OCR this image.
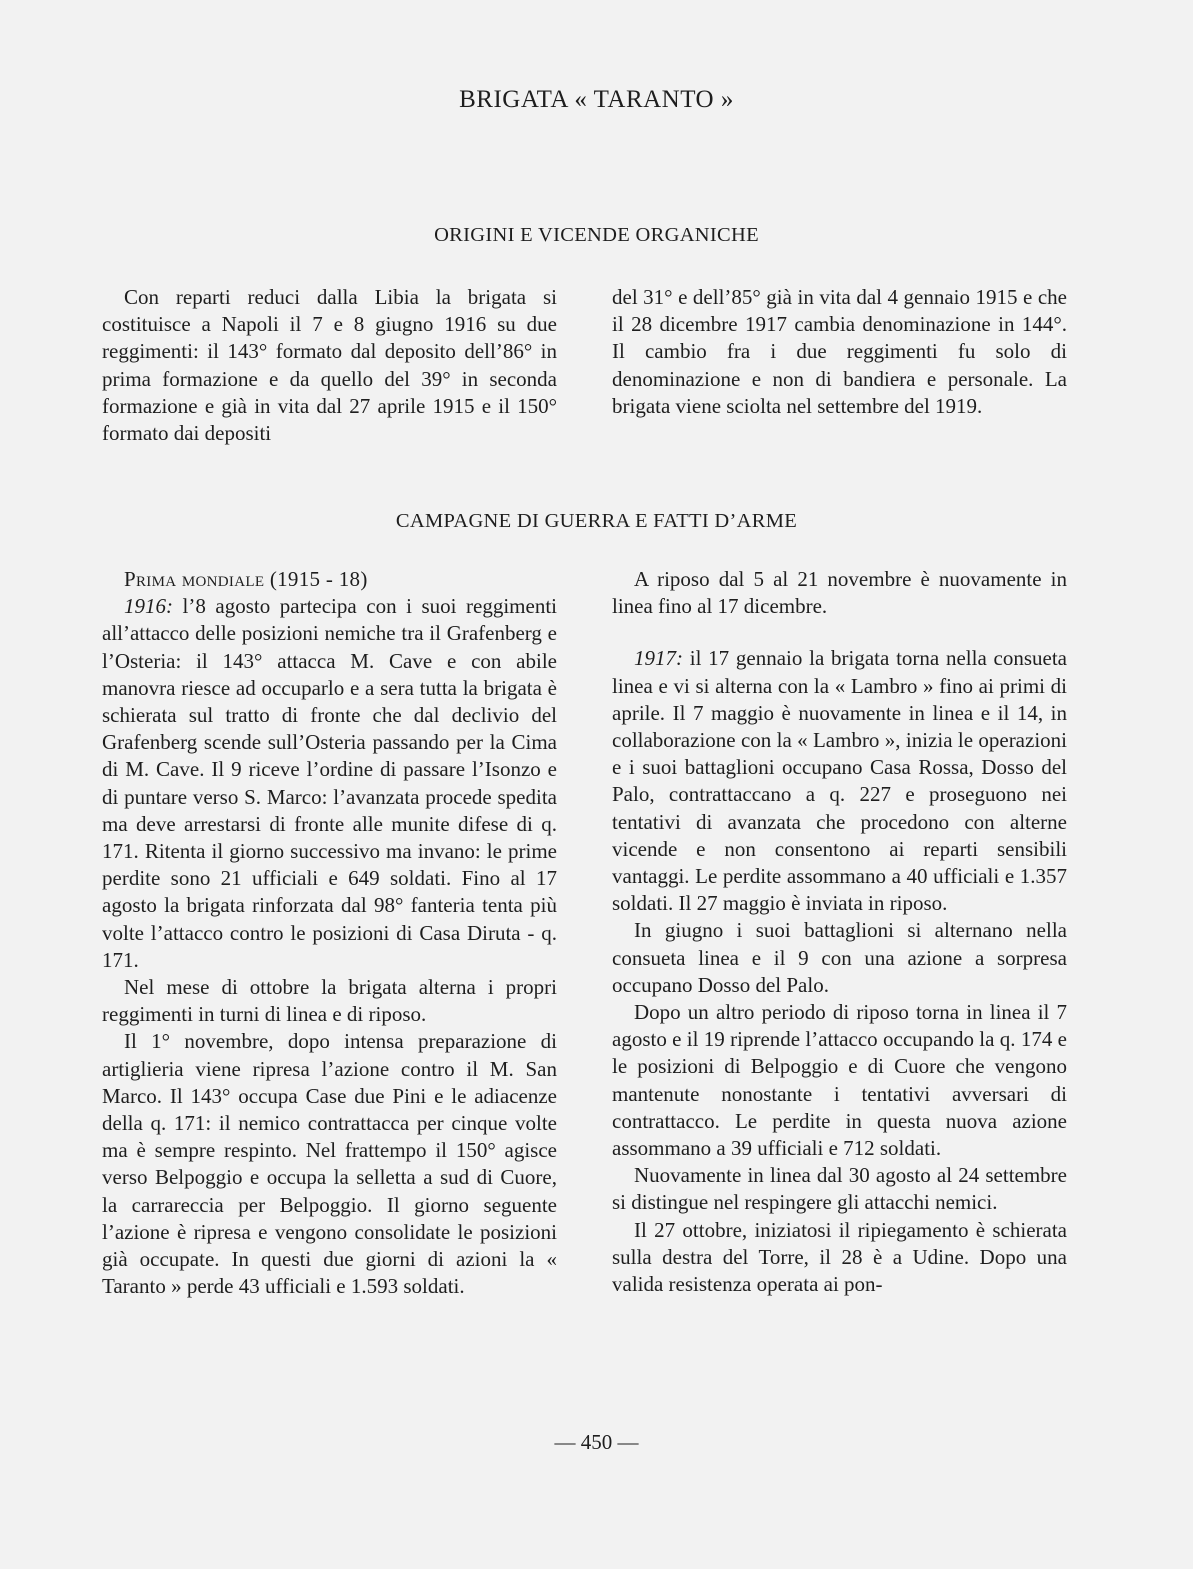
BRIGATA « TARANTO »
ORIGINI E VICENDE ORGANICHE

Con reparti reduci dalla Libia la brigata si costituisce a Napoli il 7 e 8 giugno 1916 su due reggimenti: il 143° formato dal deposito dell’86° in prima formazione e da quello del 39° in seconda formazione e già in vita dal 27 aprile 1915 e il 150° formato dai depositi

del 31° e dell’85° già in vita dal 4 gennaio 1915 e che il 28 dicembre 1917 cambia denominazione in 144°. Il cambio fra i due reggimenti fu solo di denominazione e non di bandiera e personale. La brigata viene sciolta nel settembre del 1919.

CAMPAGNE DI GUERRA E FATTI D’ARME

Prima mondiale (1915 - 18)

1916: l’8 agosto partecipa con i suoi reggimenti all’attacco delle posizioni nemiche tra il Grafenberg e l’Osteria: il 143° attacca M. Cave e con abile manovra riesce ad occuparlo e a sera tutta la brigata è schierata sul tratto di fronte che dal declivio del Grafenberg scende sull’Osteria passando per la Cima di M. Cave. Il 9 riceve l’ordine di passare l’Isonzo e di puntare verso S. Marco: l’avanzata procede spedita ma deve arrestarsi di fronte alle munite difese di q. 171. Ritenta il giorno successivo ma invano: le prime perdite sono 21 ufficiali e 649 soldati. Fino al 17 agosto la brigata rinforzata dal 98° fanteria tenta più volte l’attacco contro le posizioni di Casa Diruta - q. 171.

Nel mese di ottobre la brigata alterna i propri reggimenti in turni di linea e di riposo.

Il 1° novembre, dopo intensa preparazione di artiglieria viene ripresa l’azione contro il M. San Marco. Il 143° occupa Case due Pini e le adiacenze della q. 171: il nemico contrattacca per cinque volte ma è sempre respinto. Nel frattempo il 150° agisce verso Belpoggio e occupa la selletta a sud di Cuore, la carrareccia per Belpoggio. Il giorno seguente l’azione è ripresa e vengono consolidate le posizioni già occupate. In questi due giorni di azioni la « Taranto » perde 43 ufficiali e 1.593 soldati.

A riposo dal 5 al 21 novembre è nuovamente in linea fino al 17 dicembre.

1917: il 17 gennaio la brigata torna nella consueta linea e vi si alterna con la « Lambro » fino ai primi di aprile. Il 7 maggio è nuovamente in linea e il 14, in collaborazione con la « Lambro », inizia le operazioni e i suoi battaglioni occupano Casa Rossa, Dosso del Palo, contrattaccano a q. 227 e proseguono nei tentativi di avanzata che procedono con alterne vicende e non consentono ai reparti sensibili vantaggi. Le perdite assommano a 40 ufficiali e 1.357 soldati. Il 27 maggio è inviata in riposo.

In giugno i suoi battaglioni si alternano nella consueta linea e il 9 con una azione a sorpresa occupano Dosso del Palo.

Dopo un altro periodo di riposo torna in linea il 7 agosto e il 19 riprende l’attacco occupando la q. 174 e le posizioni di Belpoggio e di Cuore che vengono mantenute nonostante i tentativi avversari di contrattacco. Le perdite in questa nuova azione assommano a 39 ufficiali e 712 soldati.

Nuovamente in linea dal 30 agosto al 24 settembre si distingue nel respingere gli attacchi nemici.

Il 27 ottobre, iniziatosi il ripiegamento è schierata sulla destra del Torre, il 28 è a Udine. Dopo una valida resistenza operata ai pon-

— 450 —
